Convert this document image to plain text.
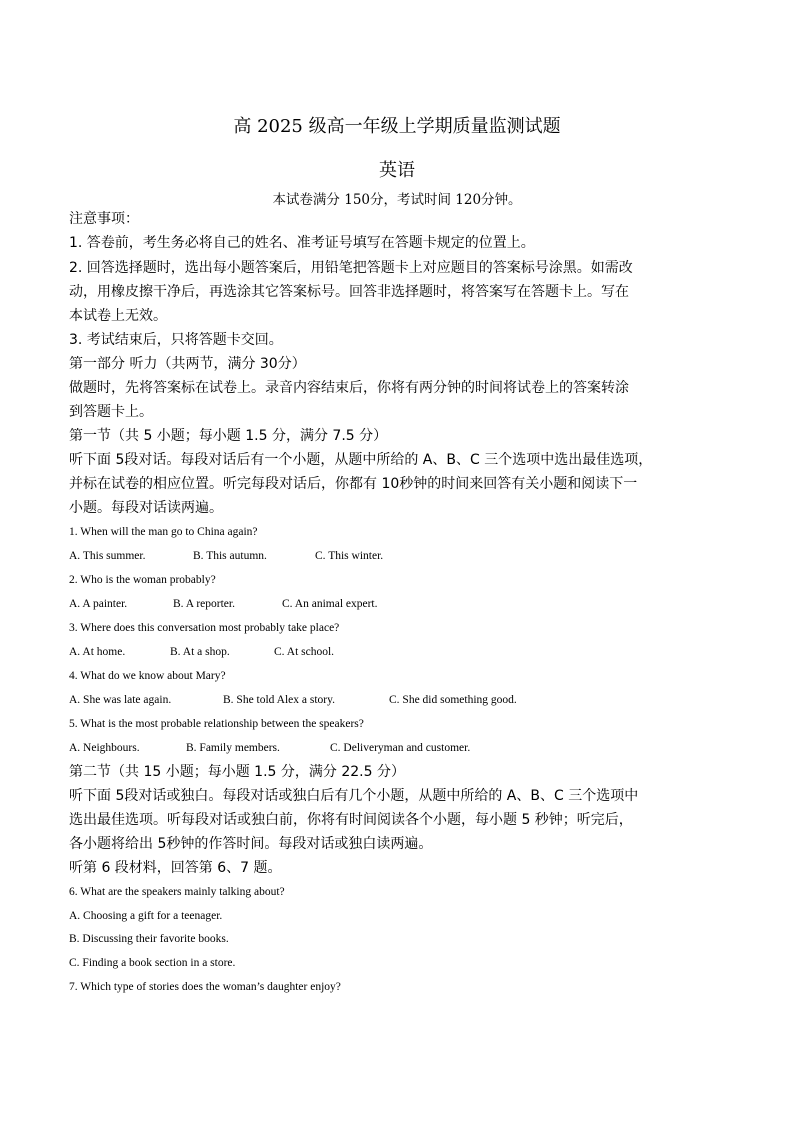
高 2025 级高一年级上学期质量监测试题
英语
本试卷满分 150分，考试时间 120分钟。
注意事项：
1. 答卷前，考生务必将自己的姓名、准考证号填写在答题卡规定的位置上。
2. 回答选择题时，选出每小题答案后，用铅笔把答题卡上对应题目的答案标号涂黑。如需改
动，用橡皮擦干净后，再选涂其它答案标号。回答非选择题时，将答案写在答题卡上。写在
本试卷上无效。
3. 考试结束后，只将答题卡交回。
第一部分 听力（共两节，满分 30分）
做题时，先将答案标在试卷上。录音内容结束后，你将有两分钟的时间将试卷上的答案转涂
到答题卡上。
第一节（共 5 小题；每小题 1.5 分，满分 7.5 分）
听下面 5段对话。每段对话后有一个小题，从题中所给的 A、B、C 三个选项中选出最佳选项，
并标在试卷的相应位置。听完每段对话后，你都有 10秒钟的时间来回答有关小题和阅读下一
小题。每段对话读两遍。
1. When will the man go to China again?
A. This summer.	B. This autumn.	C. This winter.
2. Who is the woman probably?
A. A painter.	B. A reporter.	C. An animal expert.
3. Where does this conversation most probably take place?
A. At home.	B. At a shop.	C. At school.
4. What do we know about Mary?
A. She was late again.	B. She told Alex a story.	C. She did something good.
5. What is the most probable relationship between the speakers?
A. Neighbours.	B. Family members.	C. Deliveryman and customer.
第二节（共 15 小题；每小题 1.5 分，满分 22.5 分）
听下面 5段对话或独白。每段对话或独白后有几个小题，从题中所给的 A、B、C 三个选项中
选出最佳选项。听每段对话或独白前，你将有时间阅读各个小题，每小题 5 秒钟；听完后，
各小题将给出 5秒钟的作答时间。每段对话或独白读两遍。
听第 6 段材料，回答第 6、7 题。
6. What are the speakers mainly talking about?
A. Choosing a gift for a teenager.
B. Discussing their favorite books.
C. Finding a book section in a store.
7. Which type of stories does the woman’s daughter enjoy?
